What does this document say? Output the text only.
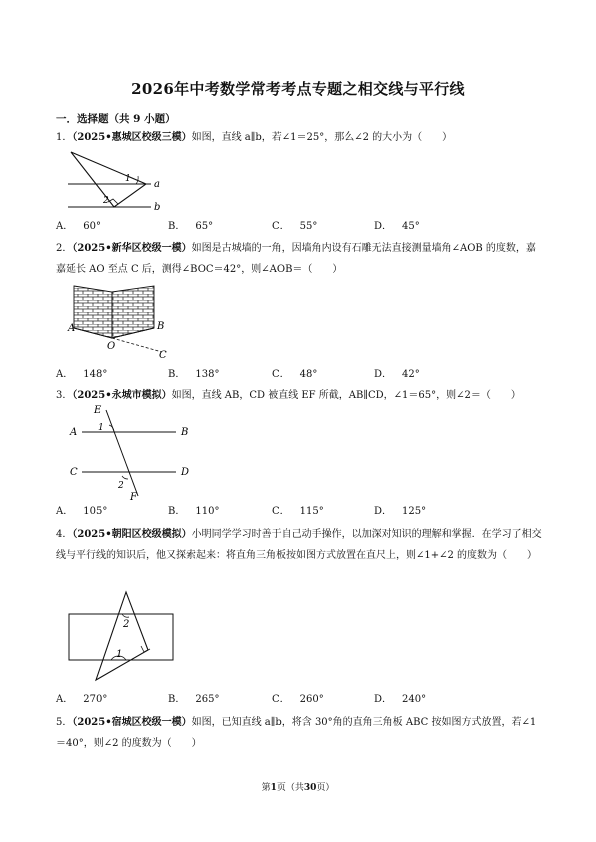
2026年中考数学常考考点专题之相交线与平行线
一．选择题（共 9 小题）
1．（2025•惠城区校级三模）如图，直线 a∥b，若∠1＝25°，那么∠2 的大小为（　　）
a
b
1
2
A． 60°	B． 65°	C． 55°	D． 45°
2．（2025•新华区校级一模）如图是古城墙的一角，因墙角内设有石雕无法直接测量墙角∠AOB 的度数，嘉嘉延长 AO 至点 C 后，测得∠BOC＝42°，则∠AOB＝（　　）
A	B
O
C
A． 148°	B． 138°	C． 48°	D． 42°
3．（2025•永城市模拟）如图，直线 AB，CD 被直线 EF 所截，AB∥CD，∠1＝65°，则∠2＝（　　）
A	B
C	D
E
F
1
2
A． 105°	B． 110°	C． 115°	D． 125°
4．（2025•朝阳区校级模拟）小明同学学习时善于自己动手操作，以加深对知识的理解和掌握．在学习了相交线与平行线的知识后，他又探索起来：将直角三角板按如图方式放置在直尺上，则∠1+∠2 的度数为（　　）
2
1
A． 270°	B． 265°	C． 260°	D． 240°
5．（2025•宿城区校级一模）如图，已知直线 a∥b，将含 30°角的直角三角板 ABC 按如图方式放置，若∠1＝40°，则∠2 的度数为（　　）
第1页（共30页）
